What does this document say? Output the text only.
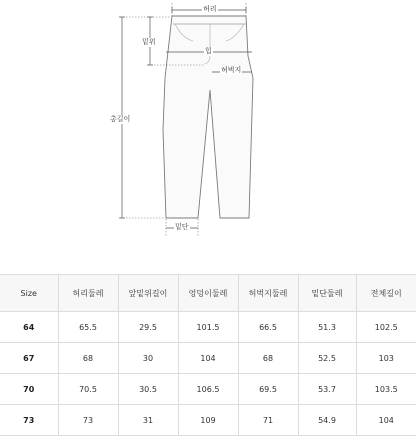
허리
밑위
힙
허벅지
총길이
밑단
Size	허리둘레	앞밑위길이	엉덩이둘레	허벅지둘레	밑단둘레	전체길이
64	65.5	29.5	101.5	66.5	51.3	102.5
67	68	30	104	68	52.5	103
70	70.5	30.5	106.5	69.5	53.7	103.5
73	73	31	109	71	54.9	104
